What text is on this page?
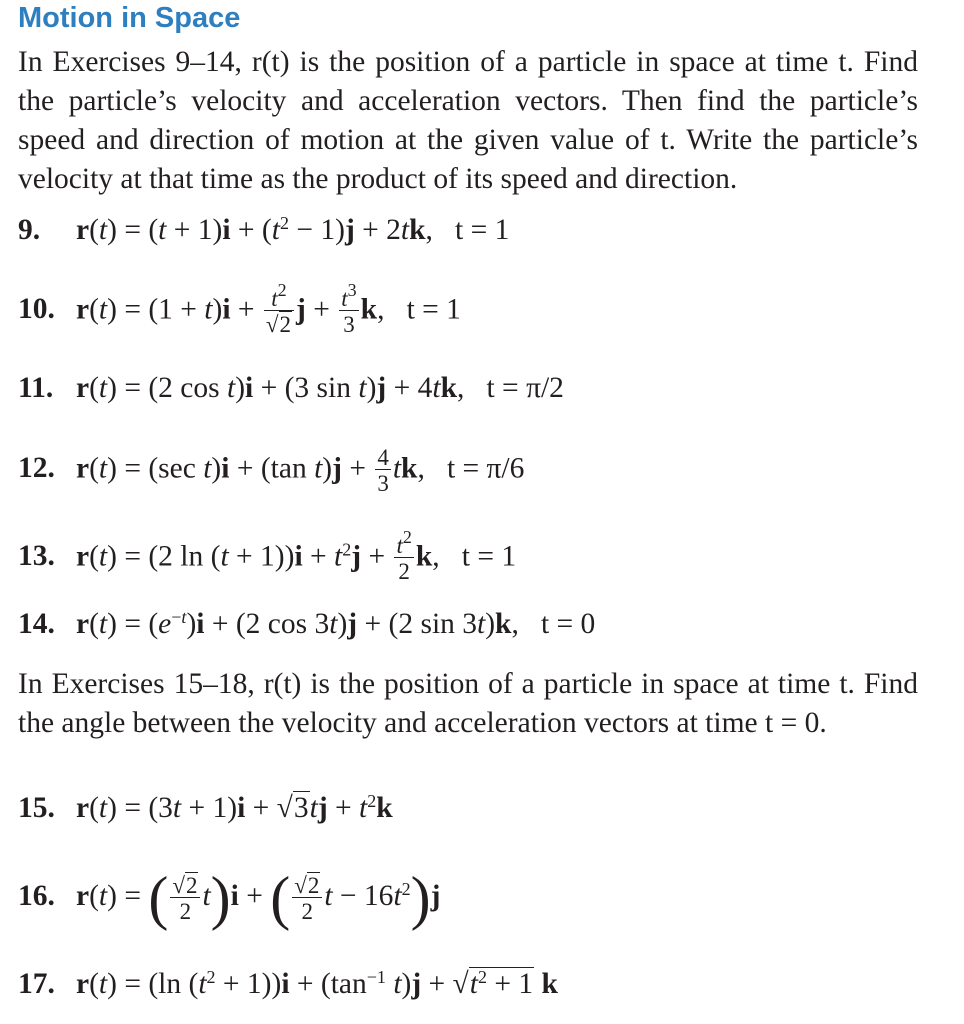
Motion in Space
In Exercises 9–14, r(t) is the position of a particle in space at time t. Find the particle’s velocity and acceleration vectors. Then find the particle’s speed and direction of motion at the given value of t. Write the particle’s velocity at that time as the product of its speed and direction.
9. $r(t) = (t + 1)i + (t^2 - 1)j + 2tk$,   t = 1
10. $r(t) = (1 + t)i + \frac{t^2}{√2}$ $j + \frac{t^3}{3} k$,   t = 1
11. r(t) = (2 cos t)i + (3 sin t)j + 4tk,   t = π/2
12. r(t) = (sec t)i + (tan $t)j + \frac{4}{3}$ tk,   t = π/6
13. r(t) = (2 $\ln (t + 1))i + t^2j + \frac{t^2}{2} k$,   t = 1
14. $r(t) = (e^{-t})i + (2$ cos 3t)j + (2 sin 3t)k,   t = 0
In Exercises 15–18, r(t) is the position of a particle in space at time t. Find the angle between the velocity and acceleration vectors at time t = 0.
15. $r(t) = (3t + 1)i + √3tj + t^2k$
16. r(t) = ( $\frac{√2}{2} t)i$ + ( $\frac{√2}{2}$ $t - 16t^2)j$
17. r(t) = (ln $(t^2 + 1))i + (\tan^{-1}$ $t)j + √t^2 + 1$ k
